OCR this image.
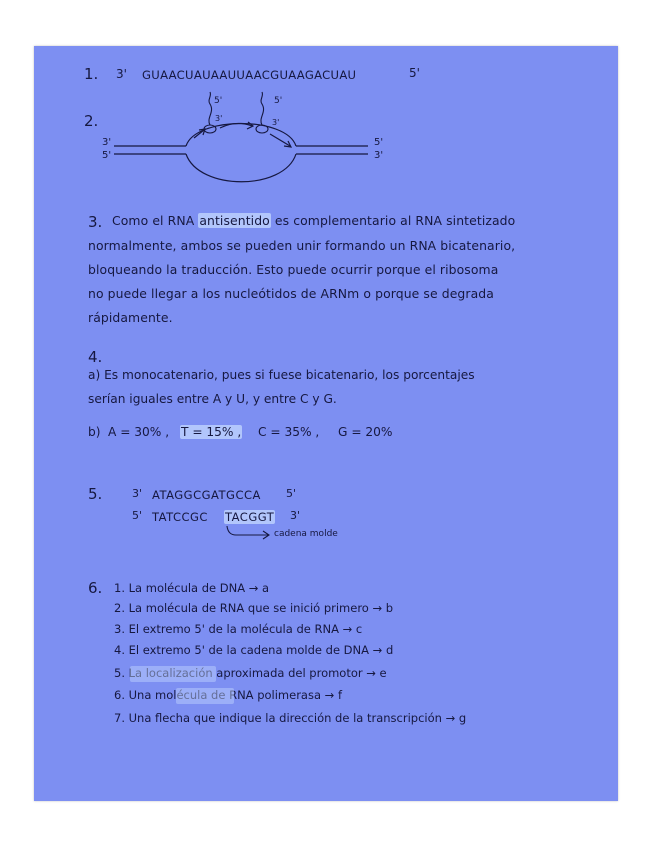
1. 3' GUAACUAUAAUUAACGUAAGACUAU	5'
2.
3'
5'
5'
3'
5'
3'
5'
3'
3. Como el RNA antisentido es complementario al RNA sintetizado
normalmente, ambos se pueden unir formando un RNA bicatenario,
bloqueando la traducción. Esto puede ocurrir porque el ribosoma
no puede llegar a los nucleótidos de ARNm o porque se degrada
rápidamente.
4.
a) Es monocatenario, pues si fuese bicatenario, los porcentajes
serían iguales entre A y U, y entre C y G.
b) A = 30% , T = 15% , C = 35% , G = 20%
5.	3' ATAGGCGATGCCA 5'
5' TATCCGC TACGGT 3'
cadena molde
6. 1. La molécula de DNA → a
2. La molécula de RNA que se inició primero → b
3. El extremo 5' de la molécula de RNA → c
4. El extremo 5' de la cadena molde de DNA → d
5. La localización aproximada del promotor → e
6. Una molécula de RNA polimerasa → f
7. Una flecha que indique la dirección de la transcripción → g
